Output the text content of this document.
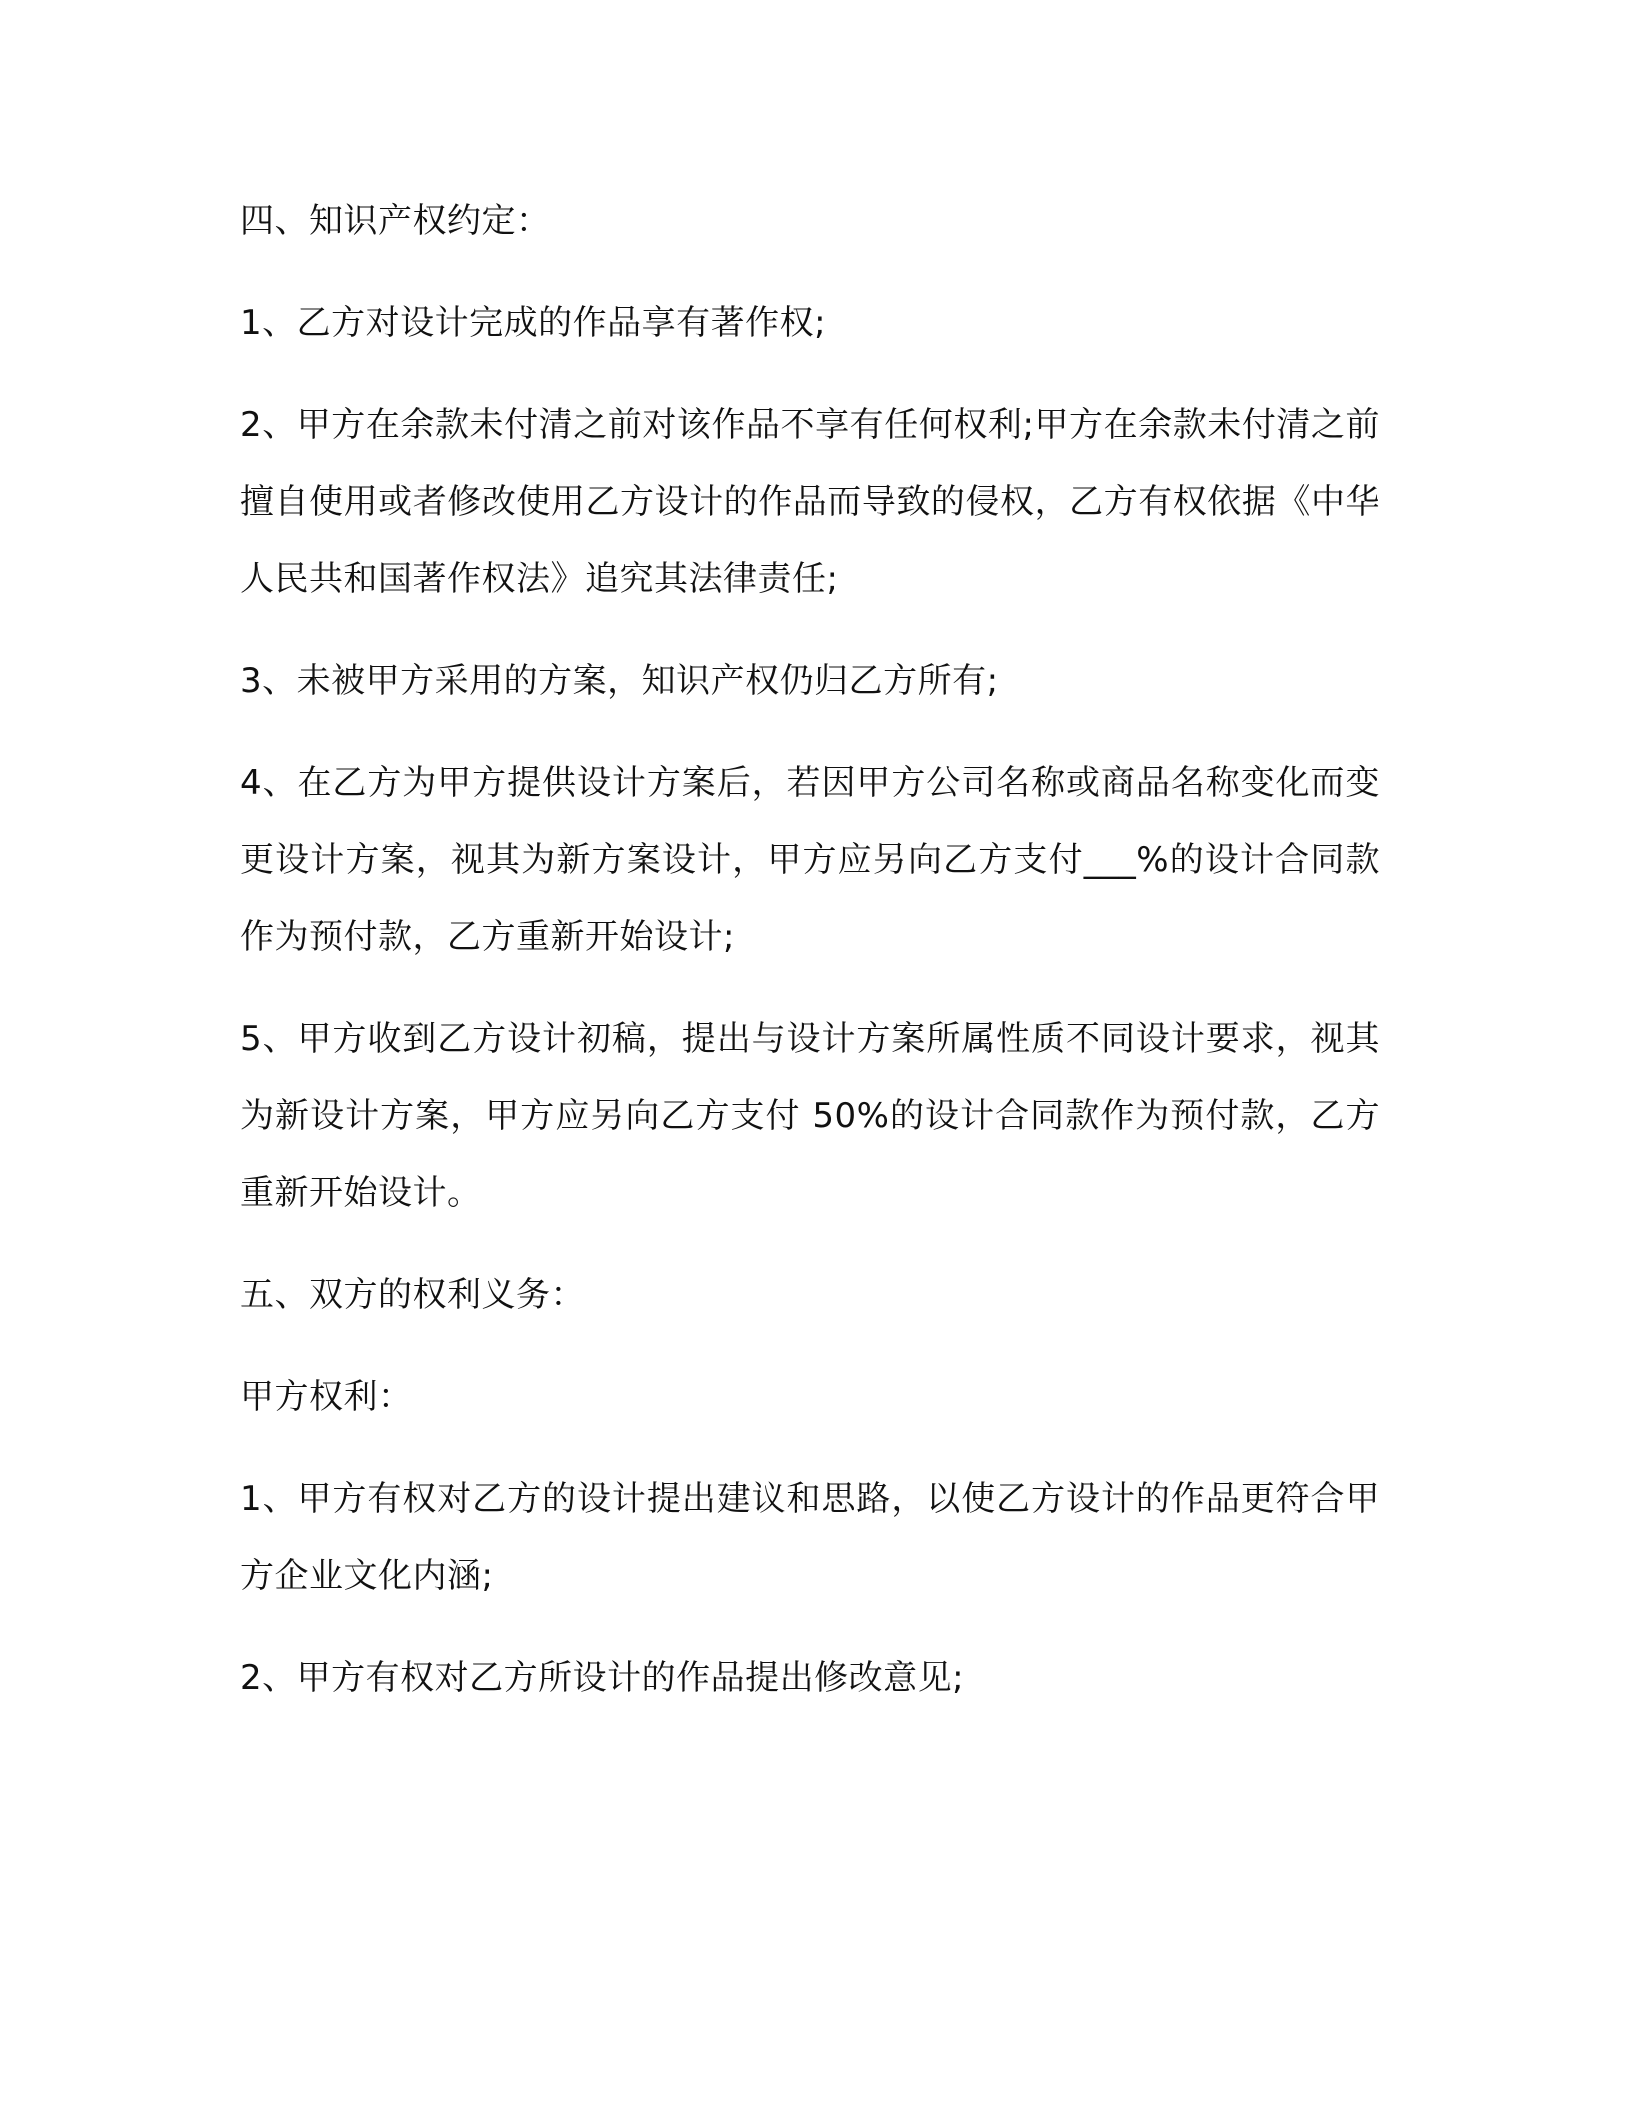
四、知识产权约定：

1、乙方对设计完成的作品享有著作权;

2、甲方在余款未付清之前对该作品不享有任何权利;甲方在余款未付清之前擅自使用或者修改使用乙方设计的作品而导致的侵权，乙方有权依据《中华人民共和国著作权法》追究其法律责任;

3、未被甲方采用的方案，知识产权仍归乙方所有;

4、在乙方为甲方提供设计方案后，若因甲方公司名称或商品名称变化而变更设计方案，视其为新方案设计，甲方应另向乙方支付___%的设计合同款作为预付款，乙方重新开始设计;

5、甲方收到乙方设计初稿，提出与设计方案所属性质不同设计要求，视其为新设计方案，甲方应另向乙方支付 50%的设计合同款作为预付款，乙方重新开始设计。

五、双方的权利义务：

甲方权利：

1、甲方有权对乙方的设计提出建议和思路，以使乙方设计的作品更符合甲方企业文化内涵;

2、甲方有权对乙方所设计的作品提出修改意见;
